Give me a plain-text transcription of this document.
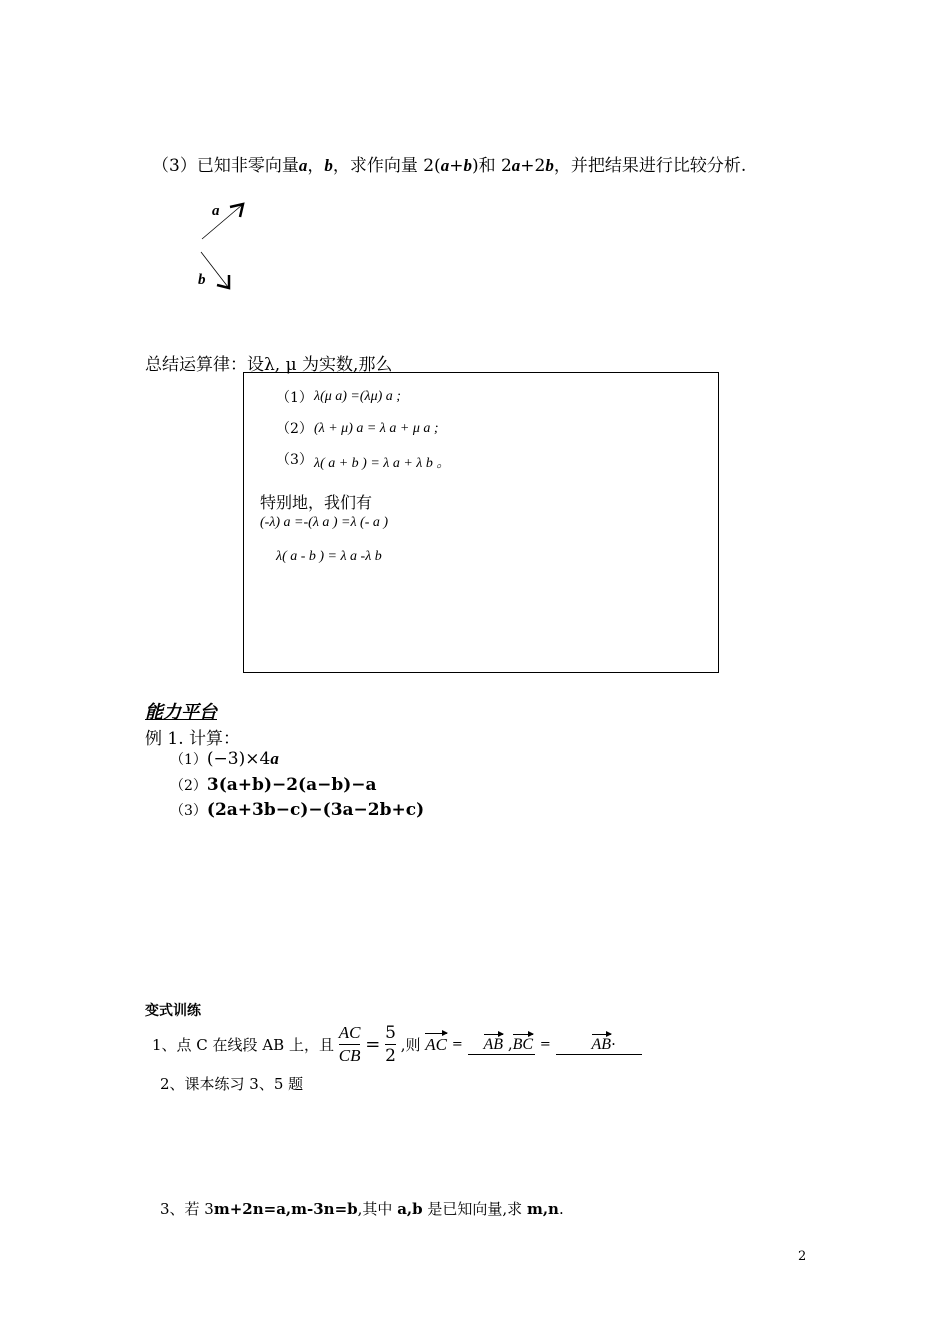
（3）已知非零向量a，b，求作向量 2(a+b)和 2a+2b，并把结果进行比较分析.
a
b
总结运算律：设λ, μ 为实数,那么
（1） λ(μ a) =(λμ) a ;
（2） (λ + μ) a = λ a + μ a ;
（3） λ( a + b ) = λ a + λ b 。
特别地，我们有
(-λ) a =-(λ a ) =λ (- a )
λ( a - b ) = λ a -λ b
能力平台
例 1. 计算：
（1）(−3)×4a
（2）3(a+b)−2(a−b)−a
（3）(2a+3b−c)−(3a−2b+c)
变式训练
1、点 C 在线段 AB 上，且 $\frac{AC}{CB} = \frac{5}{2}$ ,则 AC = AB ,BC =	AB·
2、课本练习 3、5 题
3、若 3m+2n=a,m-3n=b,其中 a,b 是已知向量,求 m,n.
2
